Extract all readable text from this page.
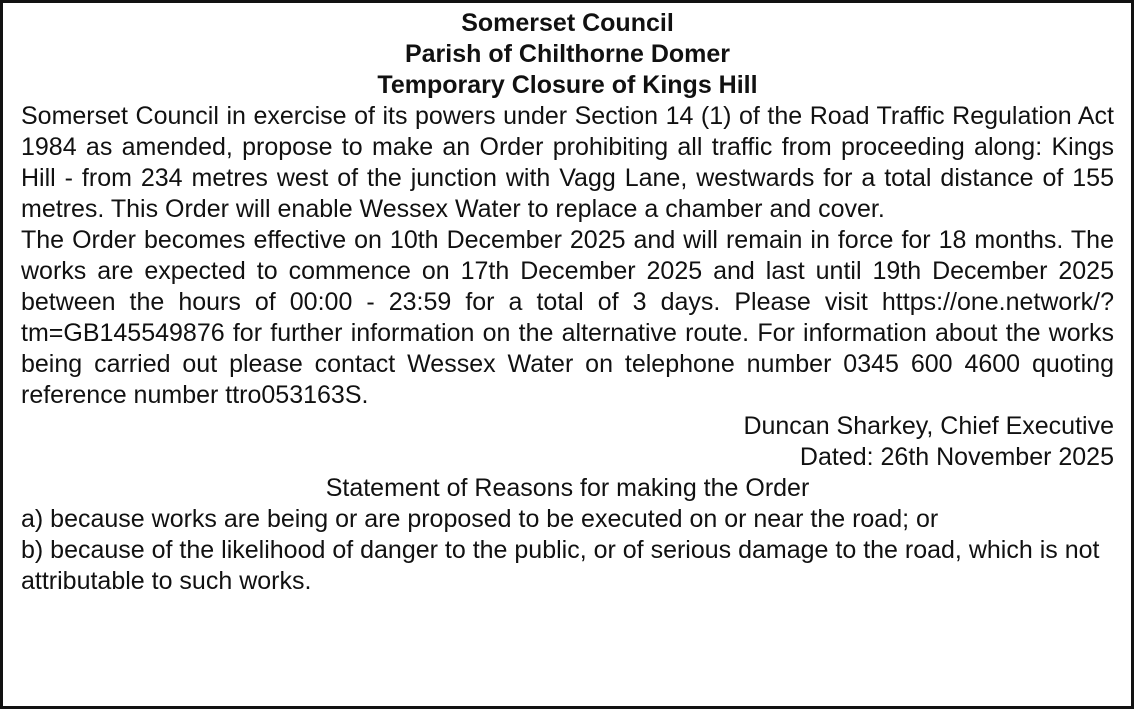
Somerset Council
Parish of Chilthorne Domer
Temporary Closure of Kings Hill
Somerset Council in exercise of its powers under Section 14 (1) of the Road Traffic Regulation Act 1984 as amended, propose to make an Order prohibiting all traffic from proceeding along: Kings Hill - from 234 metres west of the junction with Vagg Lane, westwards for a total distance of 155 metres. This Order will enable Wessex Water to replace a chamber and cover.
The Order becomes effective on 10th December 2025 and will remain in force for 18 months. The works are expected to commence on 17th December 2025 and last until 19th December 2025 between the hours of 00:00 - 23:59 for a total of 3 days. Please visit https://one.network/?tm=GB145549876 for further information on the alternative route. For information about the works being carried out please contact Wessex Water on telephone number 0345 600 4600 quoting reference number ttro053163S.
Duncan Sharkey, Chief Executive
Dated: 26th November 2025
Statement of Reasons for making the Order
a) because works are being or are proposed to be executed on or near the road; or
b) because of the likelihood of danger to the public, or of serious damage to the road, which is not attributable to such works.
